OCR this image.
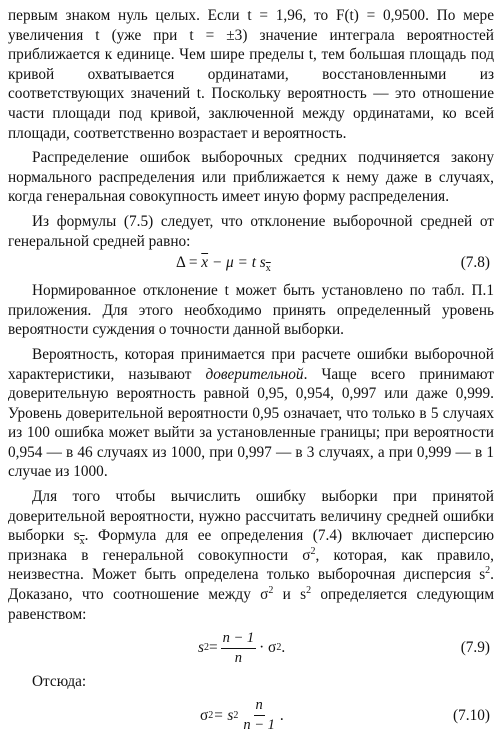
первым знаком нуль целых. Если t = 1,96, то F(t) = 0,9500. По мере увеличения t (уже при t = ±3) значение интеграла вероятностей приближается к единице. Чем шире пределы t, тем большая площадь под кривой охватывается ординатами, восстановленными из соответствующих значений t. Поскольку вероятность — это отношение части площади под кривой, заключенной между ординатами, ко всей площади, соответственно возрастает и вероятность.

Распределение ошибок выборочных средних подчиняется закону нормального распределения или приближается к нему даже в случаях, когда генеральная совокупность имеет иную форму распределения.

Из формулы (7.5) следует, что отклонение выборочной средней от генеральной средней равно:

$\Delta = \overline{x} - \mu = t$ $s_{\overline{x}}$	(7.8)

Нормированное отклонение t может быть установлено по табл. П.1 приложения. Для этого необходимо принять определенный уровень вероятности суждения о точности данной выборки.

Вероятность, которая принимается при расчете ошибки выборочной характеристики, называют доверительной. Чаще всего принимают доверительную вероятность равной 0,95, 0,954, 0,997 или даже 0,999. Уровень доверительной вероятности 0,95 означает, что только в 5 случаях из 100 ошибка может выйти за установленные границы; при вероятности 0,954 — в 46 случаях из 1000, при 0,997 — в 3 случаях, а при 0,999 — в 1 случае из 1000.

Для того чтобы вычислить ошибку выборки при принятой доверительной вероятности, нужно рассчитать величину средней ошибки выборки $s_{\overline{x}}$. Формула для ее определения (7.4) включает дисперсию признака в генеральной совокупности $\sigma^2$, которая, как правило, неизвестна. Может быть определена только выборочная дисперсия $s^2$. Доказано, что соотношение между $\sigma^2$ и $s^2$ определяется следующим равенством:

s $2 = \frac{n - 1}{n} \cdot \sigma$ 2 .	(7.9)

Отсюда:

σ 2 = s $2 \frac{n}{n - 1}$ .	(7.10)
